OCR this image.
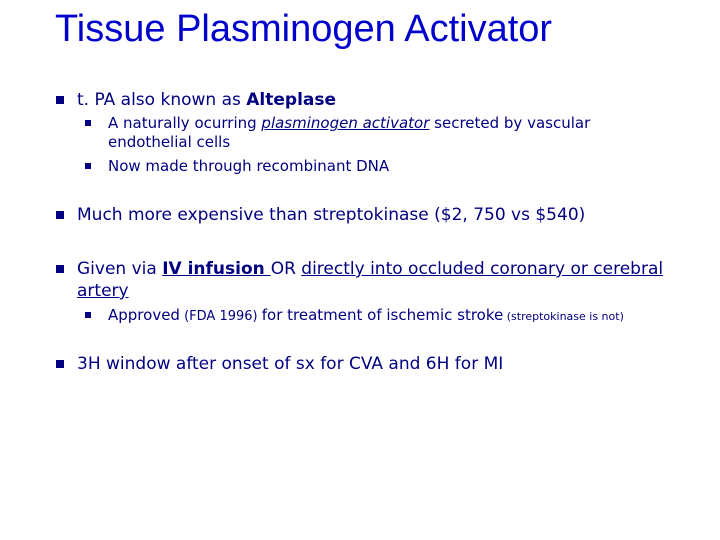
Tissue Plasminogen Activator
t. PA also known as Alteplase
A naturally ocurring plasminogen activator secreted by vascular
endothelial cells
Now made through recombinant DNA
Much more expensive than streptokinase ($2, 750 vs $540)
Given via IV infusion OR directly into occluded coronary or cerebral
artery
Approved (FDA 1996) for treatment of ischemic stroke (streptokinase is not)
3H window after onset of sx for CVA and 6H for MI
